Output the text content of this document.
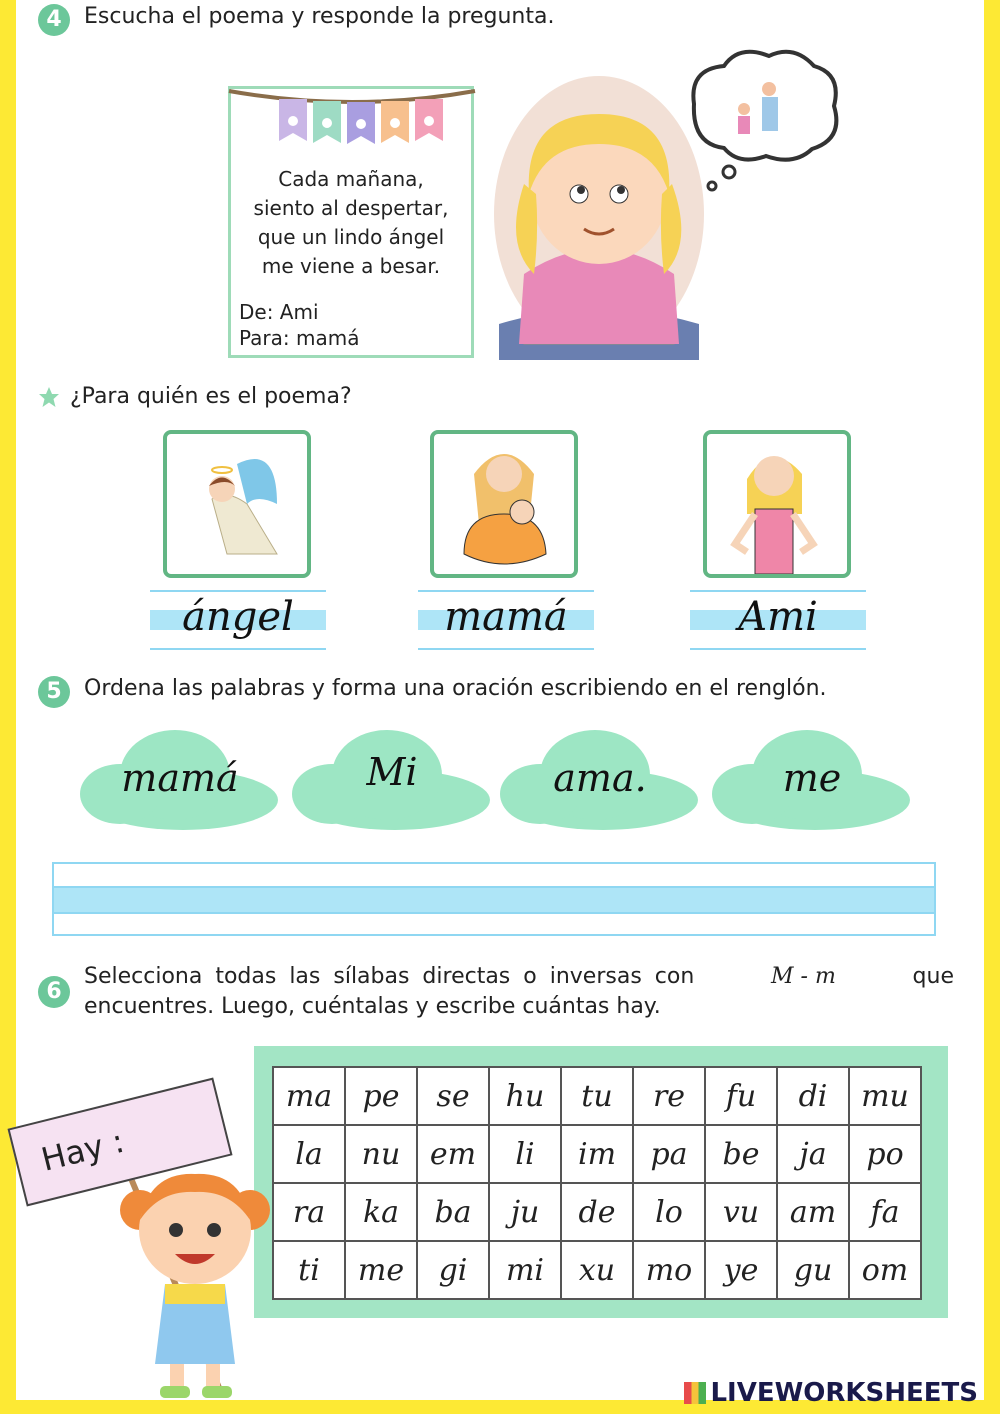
4	Escucha el poema y responde la pregunta.
Cada mañana,
siento al despertar,
que un lindo ángel
me viene a besar.
De: Ami
Para: mamá
¿Para quién es el poema?
ángel	mamá	Ami
5	Ordena las palabras y forma una oración escribiendo en el renglón.
mamá	Mi	ama.	me
6
Selecciona todas las sílabas directas o inversas con	M - m	que
encuentres. Luego, cuéntalas y escribe cuántas hay.
ma	pe	se	hu	tu	re	fu	di	mu
la	nu	em	li	im	pa	be	ja	po
ra	ka	ba	ju	de	lo	vu	am	fa
ti	me	gi	mi	xu	mo	ye	gu	om
Hay :
LIVEWORKSHEETS
